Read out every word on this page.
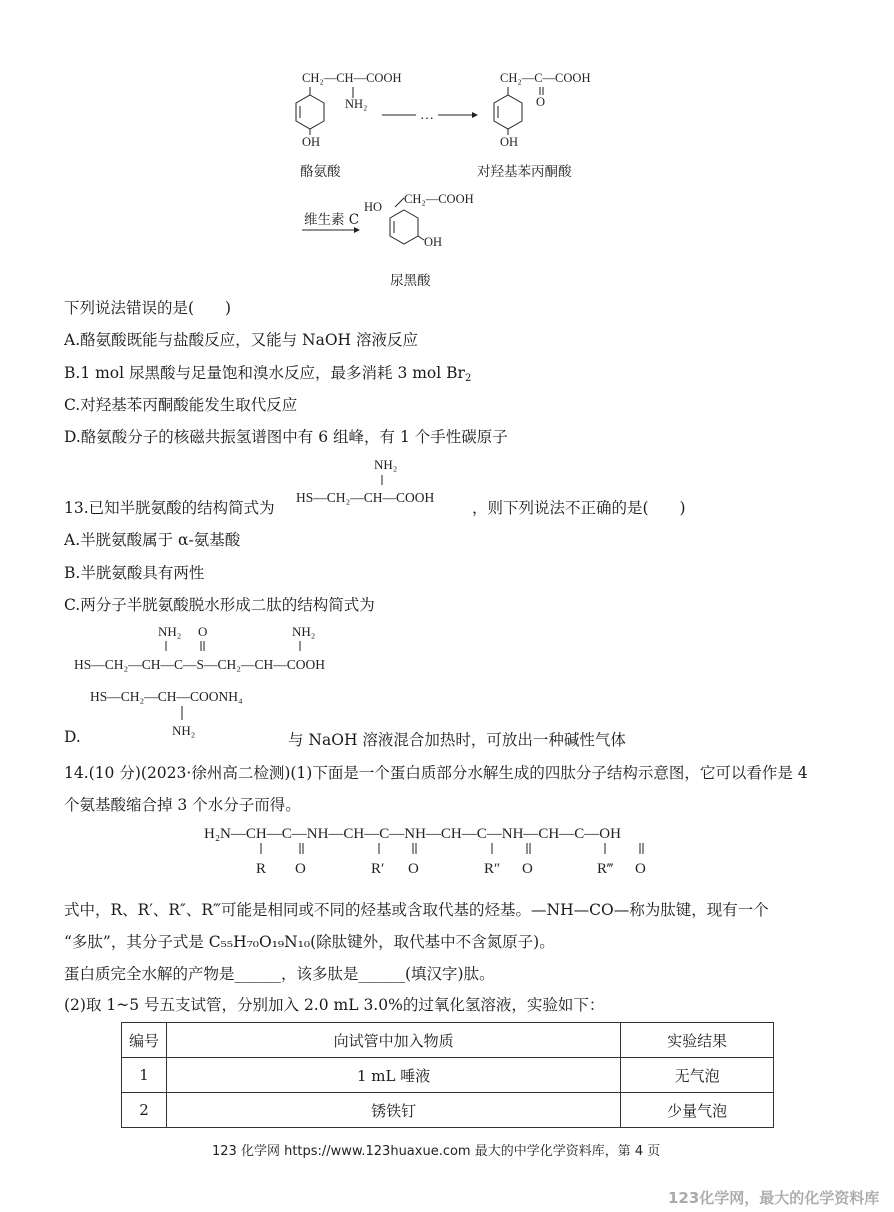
CH₂—CH—COOH
NH₂
OH
酪氨酸
…
CH₂—C—COOH
O
OH
对羟基苯丙酮酸
维生素 C
HO
CH₂—COOH
OH
尿黑酸
下列说法错误的是(　　)
A.酪氨酸既能与盐酸反应，又能与 NaOH 溶液反应
B.1 mol 尿黑酸与足量饱和溴水反应，最多消耗 3 mol $Br_2$
C.对羟基苯丙酮酸能发生取代反应
D.酪氨酸分子的核磁共振氢谱图中有 6 组峰，有 1 个手性碳原子
13.已知半胱氨酸的结构简式为
NH₂
HS—CH₂—CH—COOH
，则下列说法不正确的是(　　)
A.半胱氨酸属于 α-氨基酸
B.半胱氨酸具有两性
C.两分子半胱氨酸脱水形成二肽的结构简式为
NH₂ O	NH₂
HS—CH₂—CH—C—S—CH₂—CH—COOH
HS—CH₂—CH—COONH₄
NH₂
D.	与 NaOH 溶液混合加热时，可放出一种碱性气体
14.(10 分)(2023·徐州高二检测)(1)下面是一个蛋白质部分水解生成的四肽分子结构示意图，它可以看作是 4
个氨基酸缩合掉 3 个水分子而得。
H₂N—CH—C—NH—CH—C—NH—CH—C—NH—CH—C—OH
R O	R′ O	R″ O	R‴ O
式中，R、R′、R″、R‴可能是相同或不同的烃基或含取代基的烃基。—NH—CO—称为肽键，现有一个
“多肽”，其分子式是 C₅₅H₇₀O₁₉N₁₀(除肽键外，取代基中不含氮原子)。
蛋白质完全水解的产物是______，该多肽是______(填汉字)肽。
(2)取 1~5 号五支试管，分别加入 2.0 mL 3.0%的过氧化氢溶液，实验如下：
编号	向试管中加入物质	实验结果
1	1 mL 唾液	无气泡
2	锈铁钉	少量气泡
123 化学网 https://www.123huaxue.com 最大的中学化学资料库，第 4 页
123化学网，最大的化学资料库
